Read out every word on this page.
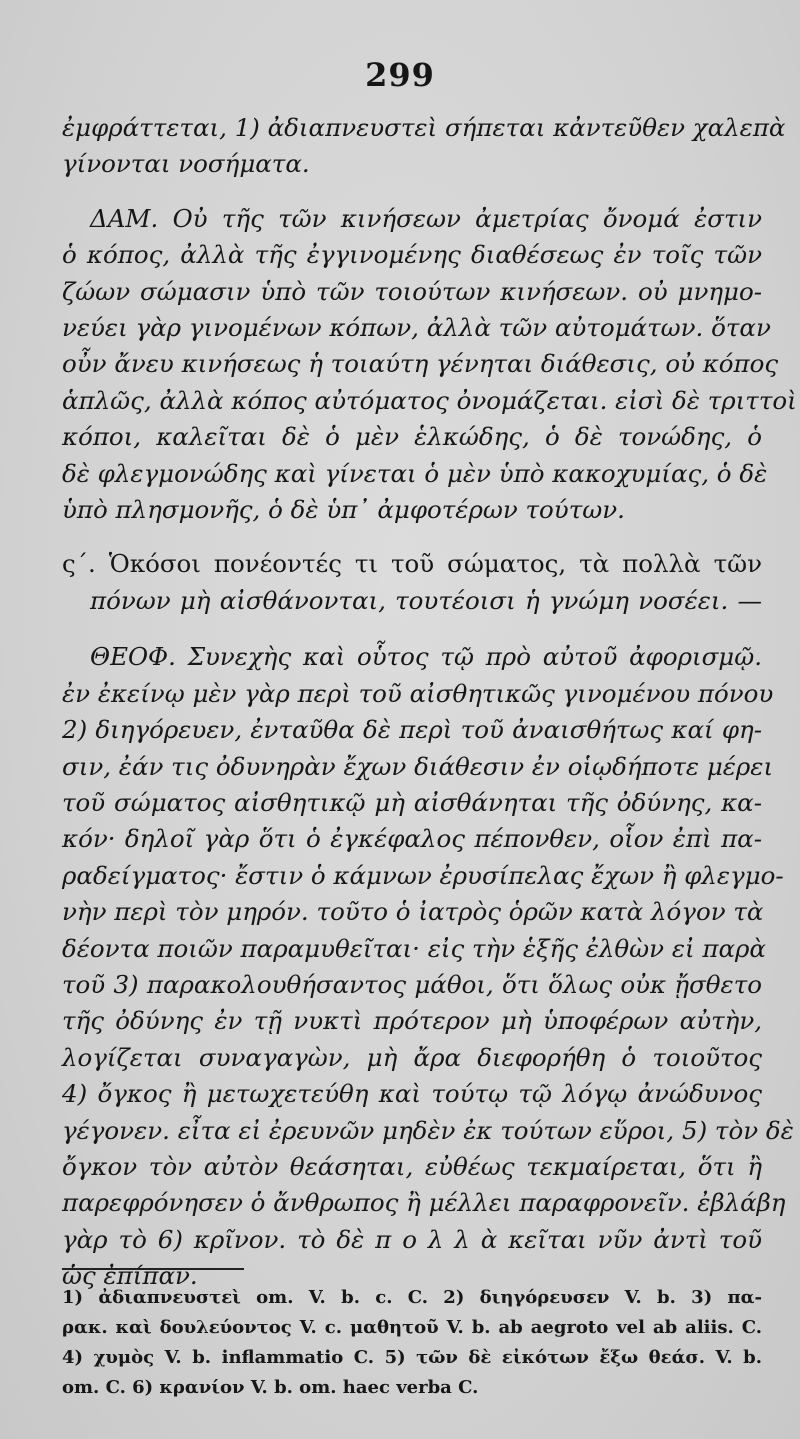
299
ἐμφράττεται, 1) ἀδιαπνευστεὶ σήπεται κἀντεῦθεν χαλεπὰ
γίνονται νοσήματα.
ΔΑΜ. Οὐ τῆς τῶν κινήσεων ἀμετρίας ὄνομά ἐστιν
ὁ κόπος, ἀλλὰ τῆς ἐγγινομένης διαθέσεως ἐν τοῖς τῶν
ζώων σώμασιν ὑπὸ τῶν τοιούτων κινήσεων. οὐ μνημο-
νεύει γὰρ γινομένων κόπων, ἀλλὰ τῶν αὐτομάτων. ὅταν
οὖν ἄνευ κινήσεως ἡ τοιαύτη γένηται διάθεσις, οὐ κόπος
ἁπλῶς, ἀλλὰ κόπος αὐτόματος ὀνομάζεται. εἰσὶ δὲ τριττοὶ
κόποι, καλεῖται δὲ ὁ μὲν ἑλκώδης, ὁ δὲ τονώδης, ὁ
δὲ φλεγμονώδης καὶ γίνεται ὁ μὲν ὑπὸ κακοχυμίας, ὁ δὲ
ὑπὸ πλησμονῆς, ὁ δὲ ὑπ᾿ ἀμφοτέρων τούτων.
ς΄. Ὁκόσοι πονέοντές τι τοῦ σώματος, τὰ πολλὰ τῶν
πόνων μὴ αἰσθάνονται, τουτέοισι ἡ γνώμη νοσέει. —
ΘΕΟΦ. Συνεχὴς καὶ οὗτος τῷ πρὸ αὐτοῦ ἀφορισμῷ.
ἐν ἐκείνῳ μὲν γὰρ περὶ τοῦ αἰσθητικῶς γινομένου πόνου
2) διηγόρευεν, ἐνταῦθα δὲ περὶ τοῦ ἀναισθήτως καί φη-
σιν, ἐάν τις ὀδυνηρὰν ἔχων διάθεσιν ἐν οἱῳδήποτε μέρει
τοῦ σώματος αἰσθητικῷ μὴ αἰσθάνηται τῆς ὀδύνης, κα-
κόν· δηλοῖ γὰρ ὅτι ὁ ἐγκέφαλος πέπονθεν, οἷον ἐπὶ πα-
ραδείγματος· ἔστιν ὁ κάμνων ἐρυσίπελας ἔχων ἢ φλεγμο-
νὴν περὶ τὸν μηρόν. τοῦτο ὁ ἰατρὸς ὁρῶν κατὰ λόγον τὰ
δέοντα ποιῶν παραμυθεῖται· εἰς τὴν ἑξῆς ἐλθὼν εἰ παρὰ
τοῦ 3) παρακολουθήσαντος μάθοι, ὅτι ὅλως οὐκ ᾔσθετο
τῆς ὀδύνης ἐν τῇ νυκτὶ πρότερον μὴ ὑποφέρων αὐτὴν,
λογίζεται συναγαγὼν, μὴ ἄρα διεφορήθη ὁ τοιοῦτος
4) ὄγκος ἢ μετωχετεύθη καὶ τούτῳ τῷ λόγῳ ἀνώδυνος
γέγονεν. εἶτα εἰ ἐρευνῶν μηδὲν ἐκ τούτων εὕροι, 5) τὸν δὲ
ὄγκον τὸν αὐτὸν θεάσηται, εὐθέως τεκμαίρεται, ὅτι ἢ
παρεφρόνησεν ὁ ἄνθρωπος ἢ μέλλει παραφρονεῖν. ἐβλάβη
γὰρ τὸ 6) κρῖνον. τὸ δὲ π ο λ λ ὰ κεῖται νῦν ἀντὶ τοῦ
ὡς ἐπίπαν.
1) ἀδιαπνευστεὶ om. V. b. c. C. 2) διηγόρευσεν V. b. 3) πα-
ρακ. καὶ δουλεύοντος V. c. μαθητοῦ V. b. ab aegroto vel ab aliis. C.
4) χυμὸς V. b. inflammatio C. 5) τῶν δὲ εἰκότων ἔξω θεάσ. V. b.
om. C. 6) κρανίον V. b. om. haec verba C.
